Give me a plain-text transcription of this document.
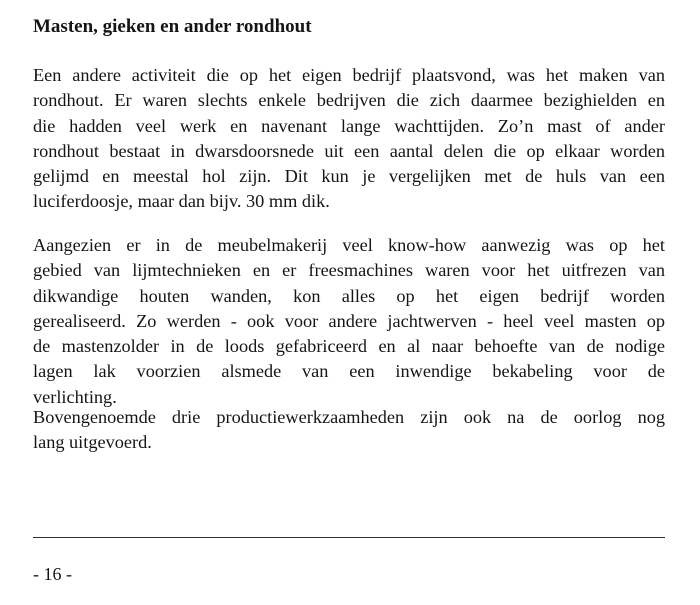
Masten, gieken en ander rondhout
Een andere activiteit die op het eigen bedrijf plaatsvond, was het maken van
rondhout. Er waren slechts enkele bedrijven die zich daarmee bezighielden en
die hadden veel werk en navenant lange wachttijden. Zo’n mast of ander
rondhout bestaat in dwarsdoorsnede uit een aantal delen die op elkaar worden
gelijmd en meestal hol zijn. Dit kun je vergelijken met de huls van een
luciferdoosje, maar dan bijv. 30 mm dik.
Aangezien er in de meubelmakerij veel know-how aanwezig was op het
gebied van lijmtechnieken en er freesmachines waren voor het uitfrezen van
dikwandige houten wanden, kon alles op het eigen bedrijf worden
gerealiseerd. Zo werden - ook voor andere jachtwerven - heel veel masten op
de mastenzolder in de loods gefabriceerd en al naar behoefte van de nodige
lagen lak voorzien alsmede van een inwendige bekabeling voor de
verlichting.
Bovengenoemde drie productiewerkzaamheden zijn ook na de oorlog nog
lang uitgevoerd.
- 16 -
